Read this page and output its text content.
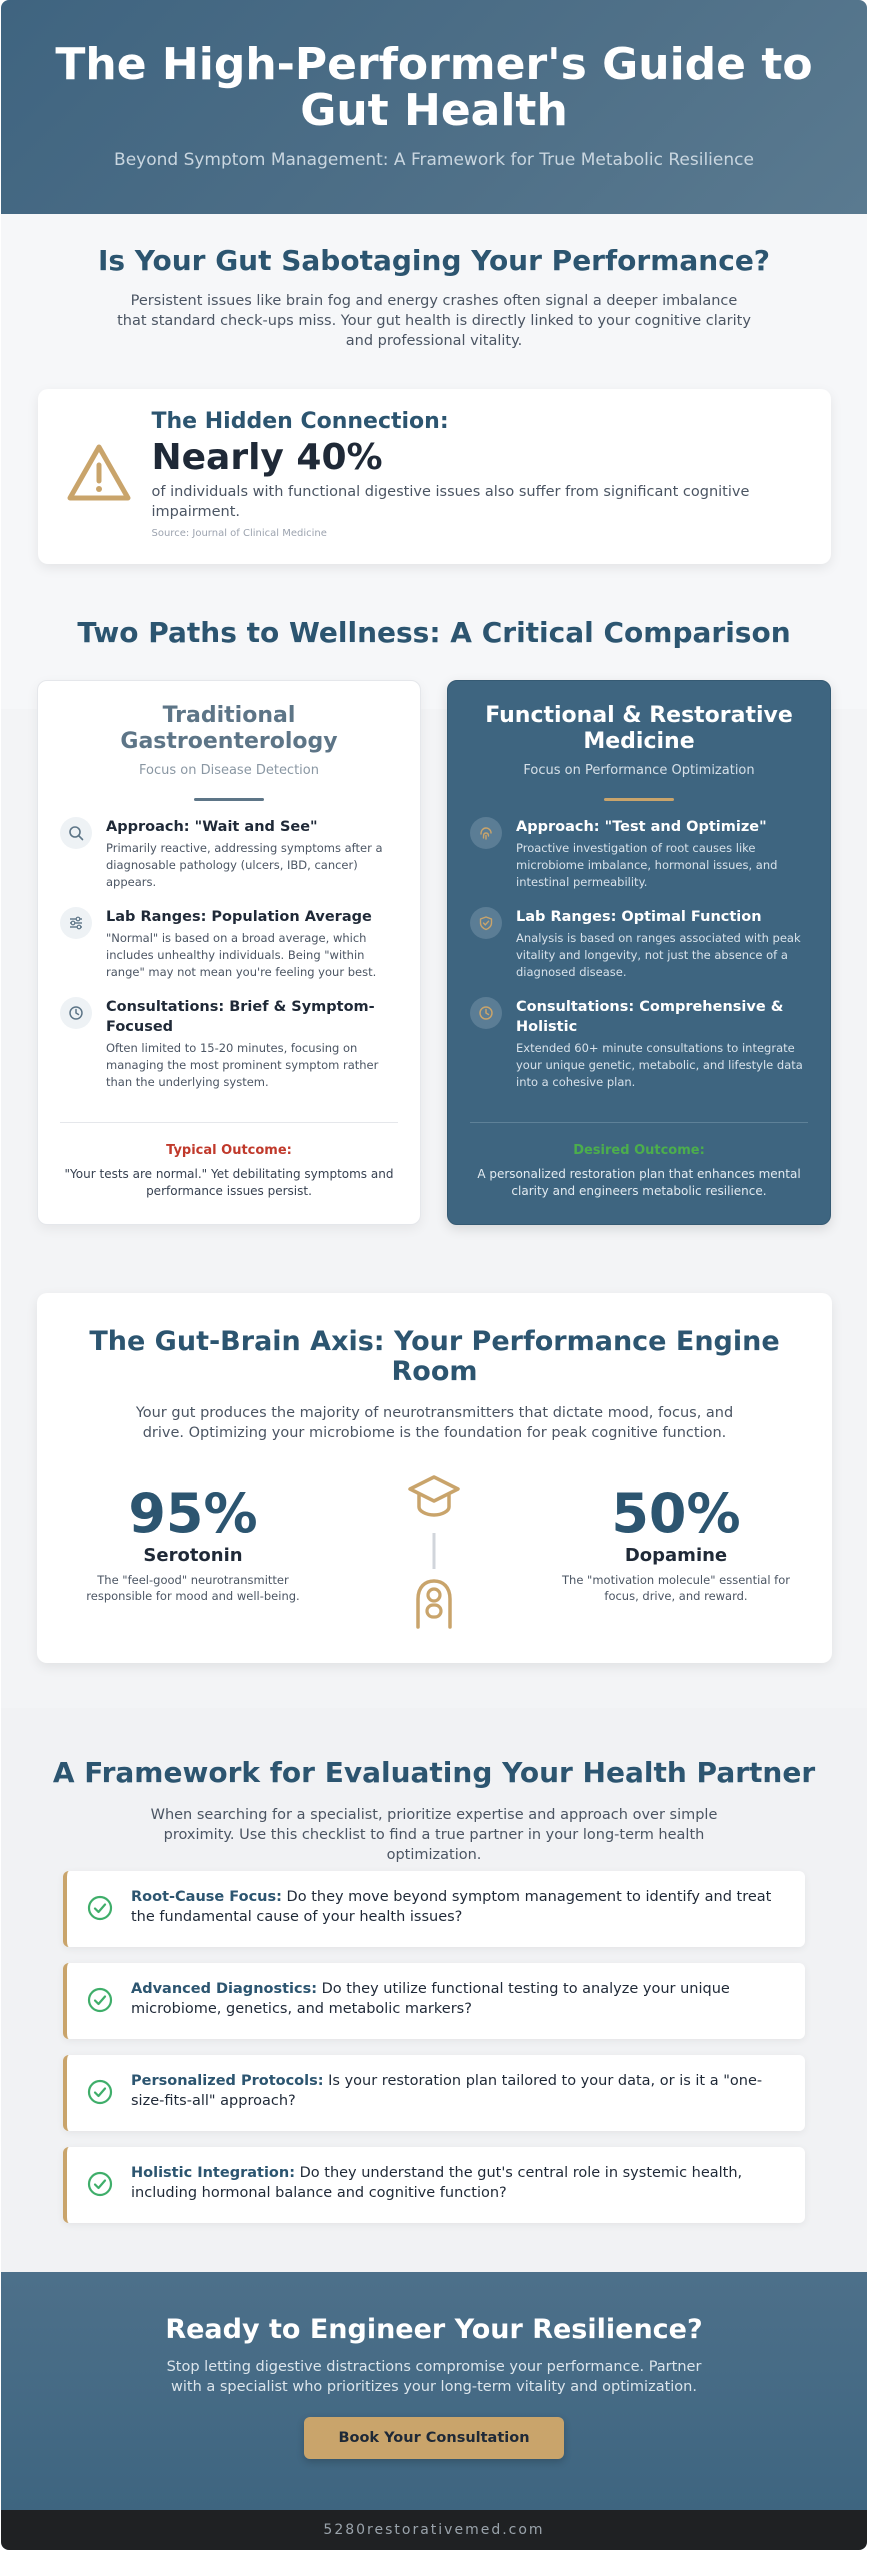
The High-Performer's Guide to Gut Health

Beyond Symptom Management: A Framework for True Metabolic Resilience

Is Your Gut Sabotaging Your Performance?

Persistent issues like brain fog and energy crashes often signal a deeper imbalance that standard check-ups miss. Your gut health is directly linked to your cognitive clarity and professional vitality.

The Hidden Connection:
Nearly 40%
of individuals with functional digestive issues also suffer from significant cognitive impairment.
Source: Journal of Clinical Medicine
Two Paths to Wellness: A Critical Comparison
Traditional Gastroenterology
Focus on Disease Detection
Approach: "Wait and See"
Primarily reactive, addressing symptoms after a diagnosable pathology (ulcers, IBD, cancer) appears.
Lab Ranges: Population Average
"Normal" is based on a broad average, which includes unhealthy individuals. Being "within range" may not mean you're feeling your best.
Consultations: Brief & Symptom-Focused
Often limited to 15-20 minutes, focusing on managing the most prominent symptom rather than the underlying system.
Typical Outcome:
"Your tests are normal." Yet debilitating symptoms and performance issues persist.
Functional & Restorative Medicine
Focus on Performance Optimization
Approach: "Test and Optimize"
Proactive investigation of root causes like microbiome imbalance, hormonal issues, and intestinal permeability.
Lab Ranges: Optimal Function
Analysis is based on ranges associated with peak vitality and longevity, not just the absence of a diagnosed disease.
Consultations: Comprehensive & Holistic
Extended 60+ minute consultations to integrate your unique genetic, metabolic, and lifestyle data into a cohesive plan.
Desired Outcome:
A personalized restoration plan that enhances mental clarity and engineers metabolic resilience.
The Gut-Brain Axis: Your Performance Engine Room

Your gut produces the majority of neurotransmitters that dictate mood, focus, and drive. Optimizing your microbiome is the foundation for peak cognitive function.

95%
Serotonin
The "feel-good" neurotransmitter responsible for mood and well-being.
50%
Dopamine
The "motivation molecule" essential for focus, drive, and reward.
A Framework for Evaluating Your Health Partner

When searching for a specialist, prioritize expertise and approach over simple proximity. Use this checklist to find a true partner in your long-term health optimization.

Root-Cause Focus: Do they move beyond symptom management to identify and treat the fundamental cause of your health issues?
Advanced Diagnostics: Do they utilize functional testing to analyze your unique microbiome, genetics, and metabolic markers?
Personalized Protocols: Is your restoration plan tailored to your data, or is it a "one-size-fits-all" approach?
Holistic Integration: Do they understand the gut's central role in systemic health, including hormonal balance and cognitive function?
Ready to Engineer Your Resilience?

Stop letting digestive distractions compromise your performance. Partner with a specialist who prioritizes your long-term vitality and optimization.

Book Your Consultation
5280restorativemed.com
